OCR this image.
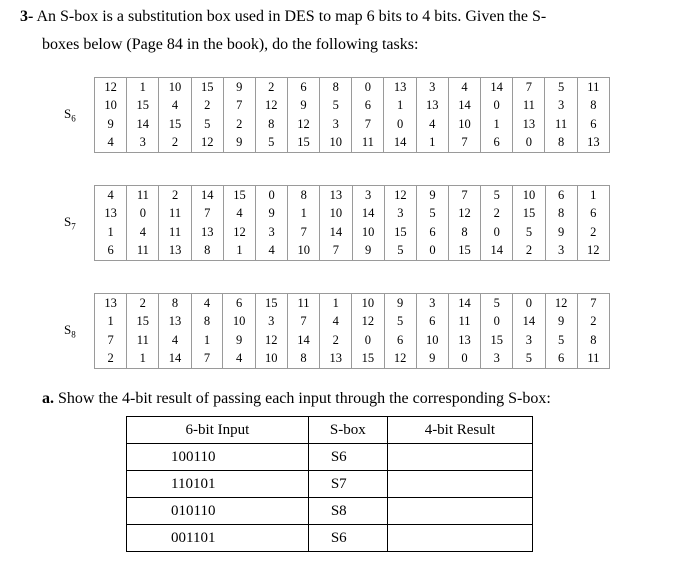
3- An S-box is a substitution box used in DES to map 6 bits to 4 bits. Given the S-
boxes below (Page 84 in the book), do the following tasks:
$S_6$
12	1	10	15	9	2	6	8	0	13	3	4	14	7	5	11
10	15	4	2	7	12	9	5	6	1	13	14	0	11	3	8
9	14	15	5	2	8	12	3	7	0	4	10	1	13	11	6
4	3	2	12	9	5	15	10	11	14	1	7	6	0	8	13
$S_7$
4	11	2	14	15	0	8	13	3	12	9	7	5	10	6	1
13	0	11	7	4	9	1	10	14	3	5	12	2	15	8	6
1	4	11	13	12	3	7	14	10	15	6	8	0	5	9	2
6	11	13	8	1	4	10	7	9	5	0	15	14	2	3	12
$S_8$
13	2	8	4	6	15	11	1	10	9	3	14	5	0	12	7
1	15	13	8	10	3	7	4	12	5	6	11	0	14	9	2
7	11	4	1	9	12	14	2	0	6	10	13	15	3	5	8
2	1	14	7	4	10	8	13	15	12	9	0	3	5	6	11
a. Show the 4-bit result of passing each input through the corresponding S-box:
6-bit Input	S-box	4-bit Result
100110	S6	
110101	S7	
010110	S8	
001101	S6	
